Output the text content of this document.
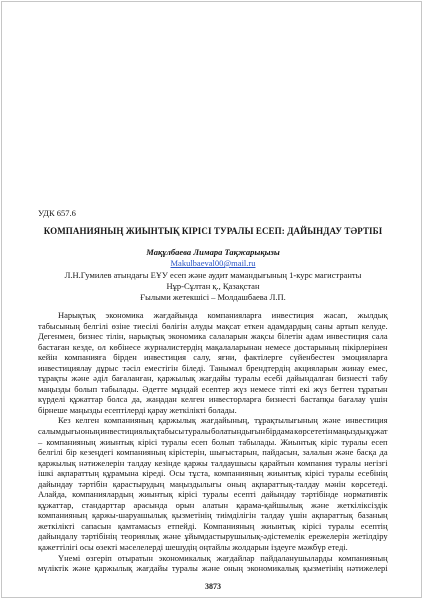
УДК 657.6
КОМПАНИЯНЫҢ ЖИЫНТЫҚ КІРІСІ ТУРАЛЫ ЕСЕП: ДАЙЫНДАУ ТӘРТІБІ
Мақұлбаева Лимара Тақжарықызы
Makulbaeval00@mail.ru
Л.Н.Гумилев атындағы ЕҰУ есеп және аудит мамандығының 1-курс магистранты
Нұр-Сұлтан қ., Қазақстан
Ғылыми жетекшісі – Молдашбаева Л.П.
Нарықтық экономика жағдайында компанияларға инвестиция жасап, жылдық
табысының белгілі өзіне тиесілі бөлігін алуды мақсат еткен адамдардың саны артып келуде.
Дегенмен, бизнес тілін, нарықтық экономика салаларын жақсы білетін адам инвестиция сала
бастаған кезде, ол көбінесе журналистердің мақалаларынан немесе достарының пікірлерінен
кейін компанияға бірден инвестиция салу, яғни, фактілерге сүйенбестен эмоцияларға
инвестициялау дұрыс тәсіл еместігін біледі. Танымал брендтердің акцияларын жинау емес,
тұрақты және әділ бағаланған, қаржылық жағдайы туралы есебі дайындалған бизнесті табу
маңызды болып табылады. Әдетте мұндай есептер жүз немесе тіпті екі жүз беттен тұратын
күрделі құжаттар болса да, жаңадан келген инвесторларға бизнесті бастапқы бағалау үшін
бірнеше маңызды есептілерді қарау жеткілікті болады.
Кез келген компанияның қаржылық жағдайының, тұрақтылығының және инвестиция
салымдығы оның инвестициялық табысы туралы болатындығын бірдама көрсететін маңызды құжат
– компанияның жиынтық кірісі туралы есеп болып табылады. Жиынтық кіріс туралы есеп
белгілі бір кезеңдегі компанияның кірістерін, шығыстарын, пайдасын, залалын және басқа да
қаржылық нәтижелерін талдау кезінде қаржы талдаушысы қарайтын компания туралы негізгі
ішкі ақпараттың құрамына кіреді. Осы тұста, компанияның жиынтық кірісі туралы есебінің
дайындау тәртібін қарастырудың маңыздылығы оның ақпараттық-талдау мәнін көрсетеді.
Алайда, компаниялардың жиынтық кірісі туралы есепті дайындау тәртібінде нормативтік
құжаттар, стандарттар арасында орын алатын қарама-қайшылық және жеткіліксіздік
компанияның қаржы-шаруашылық қызметінің тиімділігін талдау үшін ақпараттық базаның
жеткілікті сапасын қамтамасыз етпейді. Компанияның жиынтық кірісі туралы есептің
дайындалу тәртібінің теориялық және ұйымдастырушылық-әдістемелік ережелерін жетілдіру
қажеттілігі осы өзекті мәселелерді шешудің оңтайлы жолдарын іздеуге мәжбүр етеді.
Үнемі өзгеріп отыратын экономикалық жағдайлар пайдаланушыларды компанияның
мүліктік және қаржылық жағдайы туралы және оның экономикалық қызметінің нәтижелері
3873
